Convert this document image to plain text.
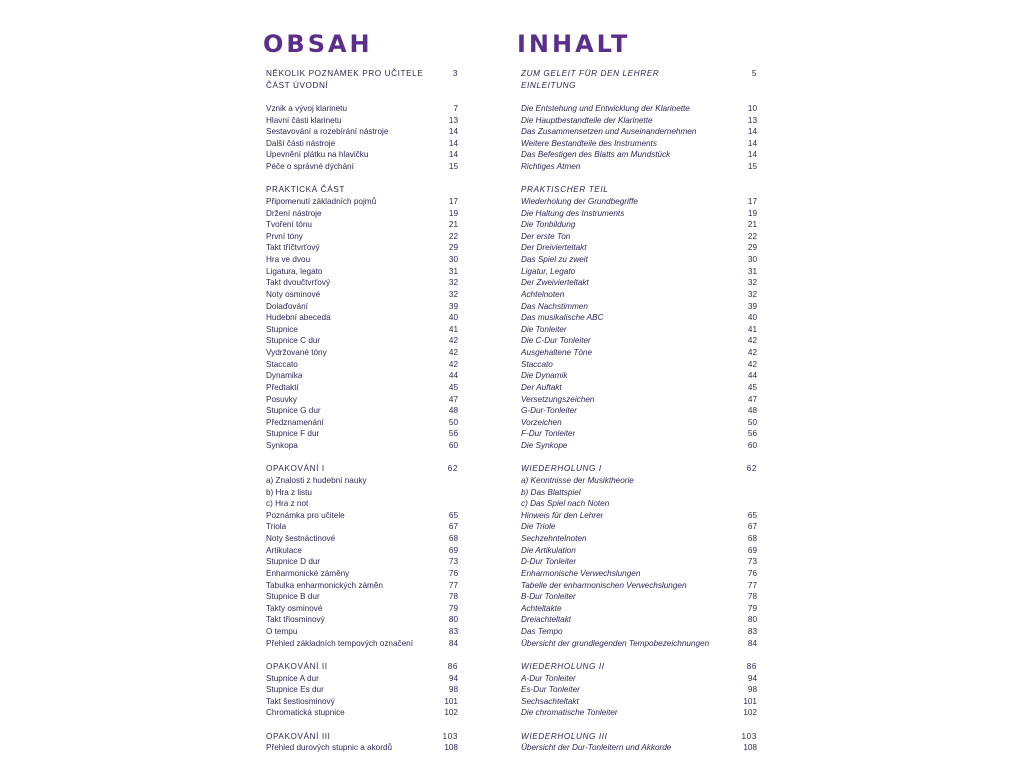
OBSAH	INHALT
NĚKOLIK POZNÁMEK PRO UČITELE	3
ČÁST ÚVODNÍ
Vznik a vývoj klarinetu	7
Hlavní části klarinetu	13
Sestavování a rozebírání nástroje	14
Další části nástroje	14
Upevnění plátku na hlavičku	14
Péče o správné dýchání	15
PRAKTICKÁ ČÁST
Připomenutí základních pojmů	17
Držení nástroje	19
Tvoření tónu	21
První tóny	22
Takt tříčtvrťový	29
Hra ve dvou	30
Ligatura, legato	31
Takt dvoučtvrťový	32
Noty osminové	32
Dolaďování	39
Hudební abeceda	40
Stupnice	41
Stupnice C dur	42
Vydržované tóny	42
Staccato	42
Dynamika	44
Předtaktí	45
Posuvky	47
Stupnice G dur	48
Předznamenání	50
Stupnice F dur	56
Synkopa	60
OPAKOVÁNÍ I	62
a) Znalosti z hudební nauky
b) Hra z listu
c) Hra z not
Poznámka pro učitele	65
Triola	67
Noty šestnáctinové	68
Artikulace	69
Stupnice D dur	73
Enharmonické záměny	76
Tabulka enharmonických záměn	77
Stupnice B dur	78
Takty osminové	79
Takt třiosminový	80
O tempu	83
Přehled základních tempových označení	84
OPAKOVÁNÍ II	86
Stupnice A dur	94
Stupnice Es dur	98
Takt šestiosminový	101
Chromatická stupnice	102
OPAKOVÁNÍ III	103
Přehled durových stupnic a akordů	108
ZUM GELEIT FÜR DEN LEHRER	5
EINLEITUNG
Die Entstehung und Entwicklung der Klarinette	10
Die Hauptbestandteile der Klarinette	13
Das Zusammensetzen und Auseinandernehmen	14
Weitere Bestandteile des Instruments	14
Das Befestigen des Blatts am Mundstück	14
Richtiges Atmen	15
PRAKTISCHER TEIL
Wiederholung der Grundbegriffe	17
Die Haltung des Instruments	19
Die Tonbildung	21
Der erste Ton	22
Der Dreivierteltakt	29
Das Spiel zu zweit	30
Ligatur, Legato	31
Der Zweivierteltakt	32
Achtelnoten	32
Das Nachstimmen	39
Das musikalische ABC	40
Die Tonleiter	41
Die C-Dur Tonleiter	42
Ausgehaltene Töne	42
Staccato	42
Die Dynamik	44
Der Auftakt	45
Versetzungszeichen	47
G-Dur-Tonleiter	48
Vorzeichen	50
F-Dur Tonleiter	56
Die Synkope	60
WIEDERHOLUNG I	62
a) Kenntnisse der Musiktheorie
b) Das Blattspiel
c) Das Spiel nach Noten
Hinweis für den Lehrer	65
Die Triole	67
Sechzehntelnoten	68
Die Artikulation	69
D-Dur Tonleiter	73
Enharmonische Verwechslungen	76
Tabelle der enharmonischen Verwechslungen	77
B-Dur Tonleiter	78
Achteltakte	79
Dreiachteltakt	80
Das Tempo	83
Übersicht der grundlegenden Tempobezeichnungen	84
WIEDERHOLUNG II	86
A-Dur Tonleiter	94
Es-Dur Tonleiter	98
Sechsachteltakt	101
Die chromatische Tonleiter	102
WIEDERHOLUNG III	103
Übersicht der Dur-Tonleitern und Akkorde	108
